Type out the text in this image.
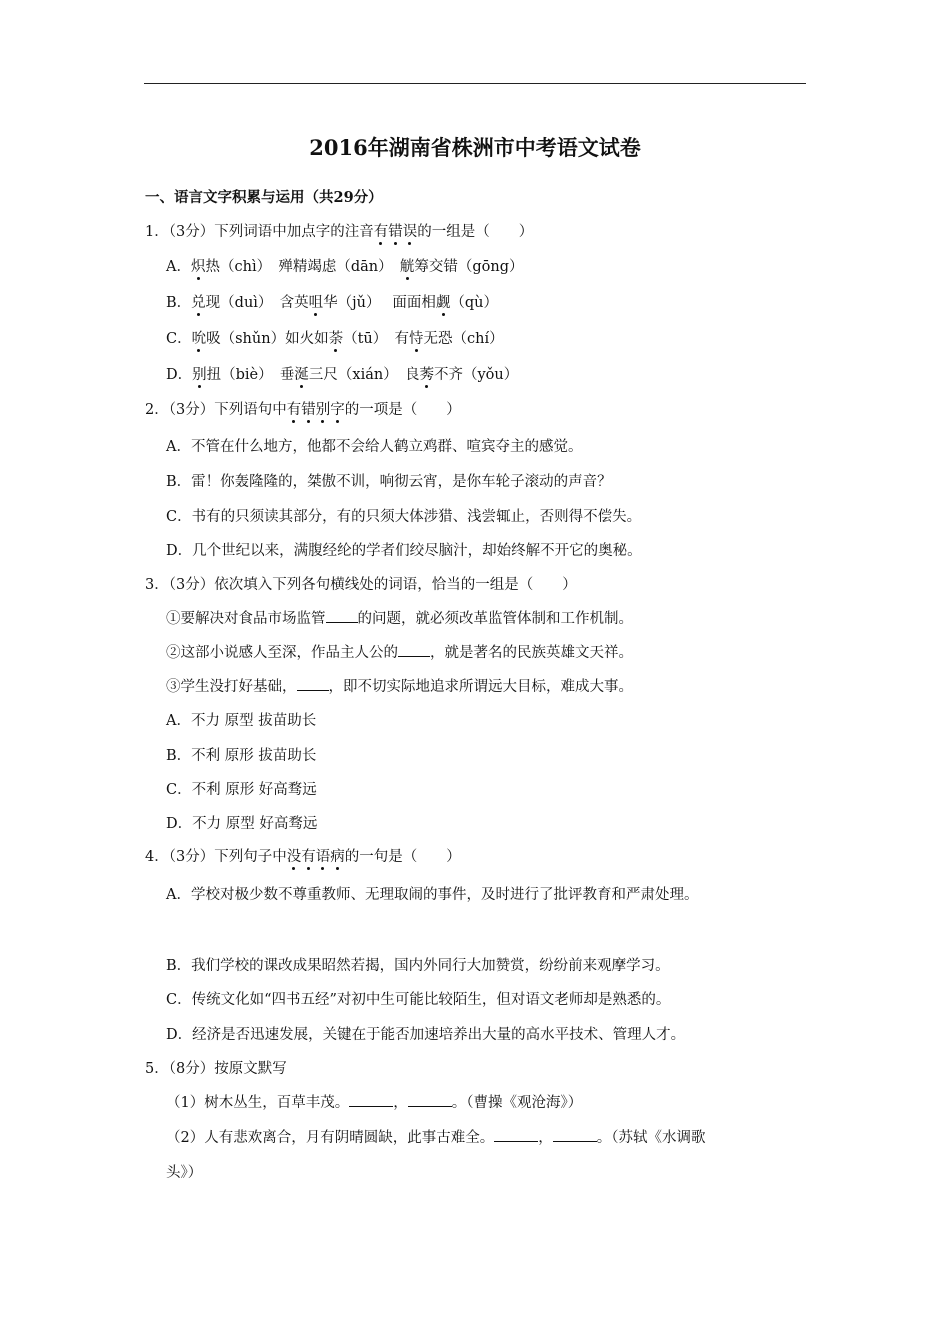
2016年湖南省株洲市中考语文试卷
一、语言文字积累与运用（共29分）
1．（3分）下列词语中加点字的注音有错误的一组是（　　）
A．炽热（chì）　殚精竭虑（dān）　觥筹交错（gōng）
B．兑现（duì）　含英咀华（jǔ）　 面面相觑（qù）
C．吮吸（shǔn）如火如荼（tū）　有恃无恐（chí）
D．别扭（biè）　垂涎三尺（xián）　良莠不齐（yǒu）
2．（3分）下列语句中有错别字的一项是（　　）
A．不管在什么地方，他都不会给人鹤立鸡群、喧宾夺主的感觉。
B．雷！你轰隆隆的，桀傲不训，响彻云宵，是你车轮子滚动的声音？
C．书有的只须读其部分，有的只须大体涉猎、浅尝辄止，否则得不偿失。
D．几个世纪以来，满腹经纶的学者们绞尽脑汁，却始终解不开它的奥秘。
3．（3分）依次填入下列各句横线处的词语，恰当的一组是（　　）
①要解决对食品市场监管 的问题，就必须改革监管体制和工作机制。
②这部小说感人至深，作品主人公的 ，就是著名的民族英雄文天祥。
③学生没打好基础， ，即不切实际地追求所谓远大目标，难成大事。
A．不力 原型 拔苗助长
B．不利 原形 拔苗助长
C．不利 原形 好高骛远
D．不力 原型 好高骛远
4．（3分）下列句子中没有语病的一句是（　　）
A．学校对极少数不尊重教师、无理取闹的事件，及时进行了批评教育和严肃处理。
B．我们学校的课改成果昭然若揭，国内外同行大加赞赏，纷纷前来观摩学习。
C．传统文化如“四书五经”对初中生可能比较陌生，但对语文老师却是熟悉的。
D．经济是否迅速发展，关键在于能否加速培养出大量的高水平技术、管理人才。
5．（8分）按原文默写
（1）树木丛生，百草丰茂。	，	。（曹操《观沧海》）
（2）人有悲欢离合，月有阴晴圆缺，此事古难全。	，	。（苏轼《水调歌
头》）
